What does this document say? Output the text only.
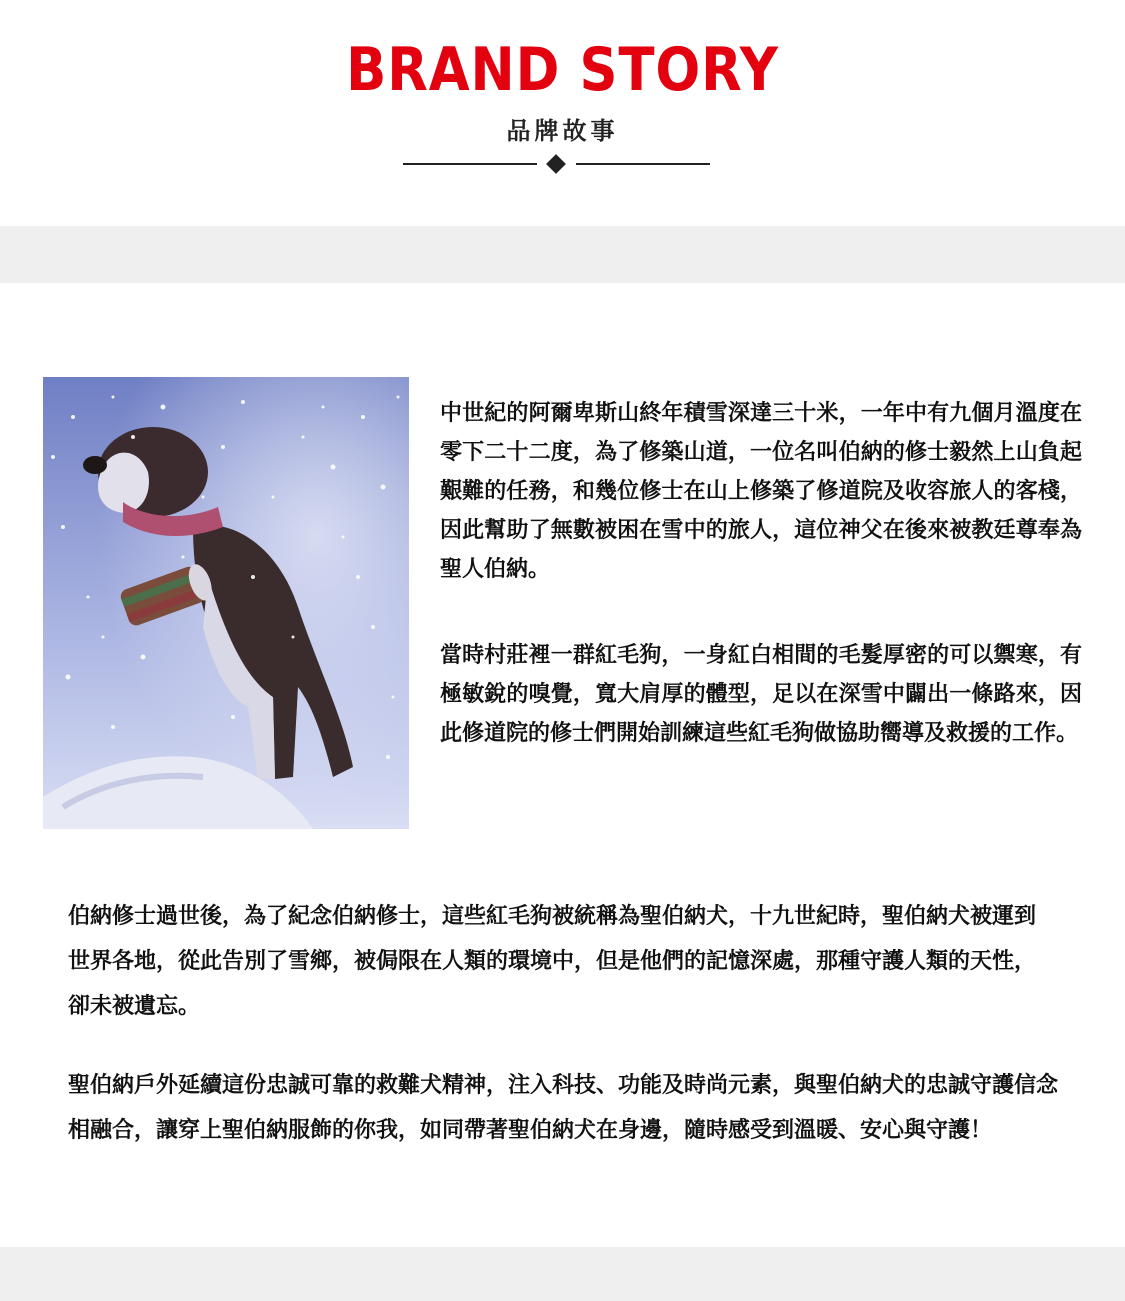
BRAND STORY
品牌故事
中世紀的阿爾卑斯山終年積雪深達三十米，一年中有九個月溫度在零下二十二度，為了修築山道，一位名叫伯納的修士毅然上山負起艱難的任務，和幾位修士在山上修築了修道院及收容旅人的客棧，因此幫助了無數被困在雪中的旅人，這位神父在後來被教廷尊奉為聖人伯納。
當時村莊裡一群紅毛狗，一身紅白相間的毛髮厚密的可以禦寒，有極敏銳的嗅覺，寬大肩厚的體型，足以在深雪中闢出一條路來，因此修道院的修士們開始訓練這些紅毛狗做協助嚮導及救援的工作。
伯納修士過世後，為了紀念伯納修士，這些紅毛狗被統稱為聖伯納犬，十九世紀時，聖伯納犬被運到世界各地，從此告別了雪鄉，被侷限在人類的環境中，但是他們的記憶深處，那種守護人類的天性，卻未被遺忘。
聖伯納戶外延續這份忠誠可靠的救難犬精神，注入科技、功能及時尚元素，與聖伯納犬的忠誠守護信念相融合，讓穿上聖伯納服飾的你我，如同帶著聖伯納犬在身邊，隨時感受到溫暖、安心與守護！
